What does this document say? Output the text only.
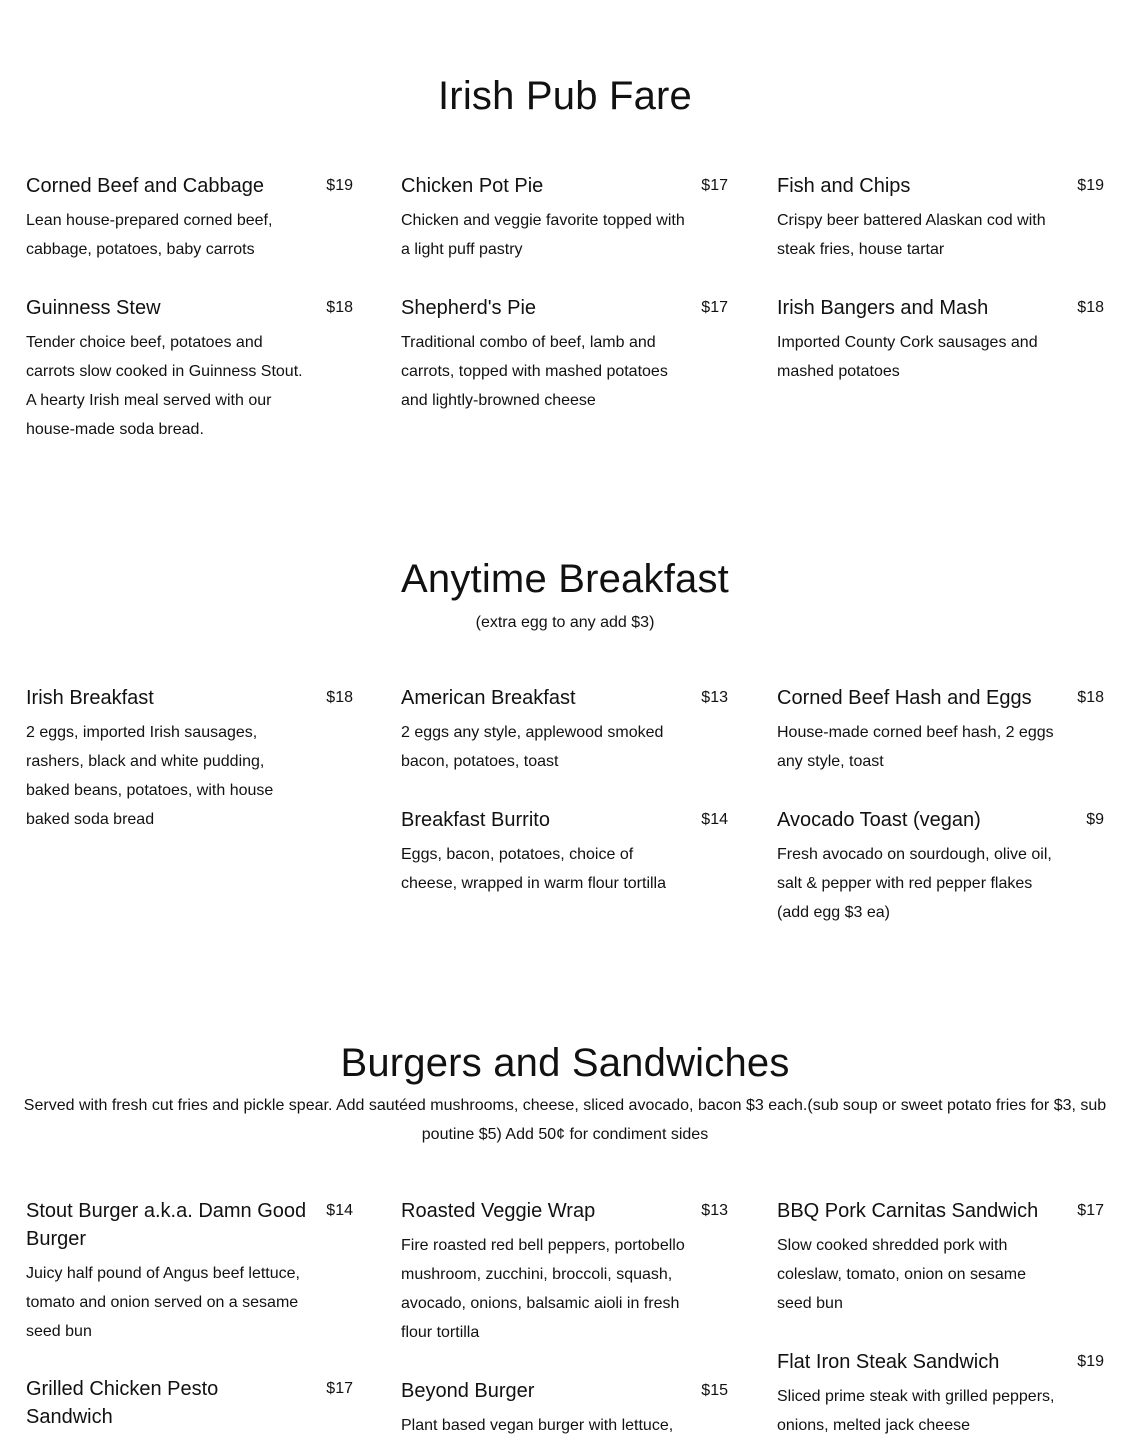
Irish Pub Fare
Corned Beef and Cabbage	$19

Lean house-prepared corned beef, cabbage, potatoes, baby carrots

Chicken Pot Pie	$17

Chicken and veggie favorite topped with a light puff pastry

Fish and Chips	$19

Crispy beer battered Alaskan cod with steak fries, house tartar

Guinness Stew	$18

Tender choice beef, potatoes and carrots slow cooked in Guinness Stout. A hearty Irish meal served with our house-made soda bread.

Shepherd's Pie	$17

Traditional combo of beef, lamb and carrots, topped with mashed potatoes and lightly-browned cheese

Irish Bangers and Mash	$18

Imported County Cork sausages and mashed potatoes

Anytime Breakfast

(extra egg to any add $3)

Irish Breakfast	$18

2 eggs, imported Irish sausages, rashers, black and white pudding, baked beans, potatoes, with house baked soda bread

American Breakfast	$13

2 eggs any style, applewood smoked bacon, potatoes, toast

Corned Beef Hash and Eggs	$18

House-made corned beef hash, 2 eggs any style, toast

Breakfast Burrito	$14

Eggs, bacon, potatoes, choice of cheese, wrapped in warm flour tortilla

Avocado Toast (vegan)	$9

Fresh avocado on sourdough, olive oil, salt & pepper with red pepper flakes (add egg $3 ea)

Burgers and Sandwiches

Served with fresh cut fries and pickle spear. Add sautéed mushrooms, cheese, sliced avocado, bacon $3 each.(sub soup or sweet potato fries for $3, sub poutine $5) Add 50¢ for condiment sides

Stout Burger a.k.a. Damn Good Burger
$14

Juicy half pound of Angus beef lettuce, tomato and onion served on a sesame seed bun

Roasted Veggie Wrap	$13

Fire roasted red bell peppers, portobello mushroom, zucchini, broccoli, squash, avocado, onions, balsamic aioli in fresh flour tortilla

BBQ Pork Carnitas Sandwich	$17

Slow cooked shredded pork with coleslaw, tomato, onion on sesame seed bun

Grilled Chicken Pesto Sandwich
$17 Beyond Burger	$15

Plant based vegan burger with lettuce,

Flat Iron Steak Sandwich	$19

Sliced prime steak with grilled peppers, onions, melted jack cheese
